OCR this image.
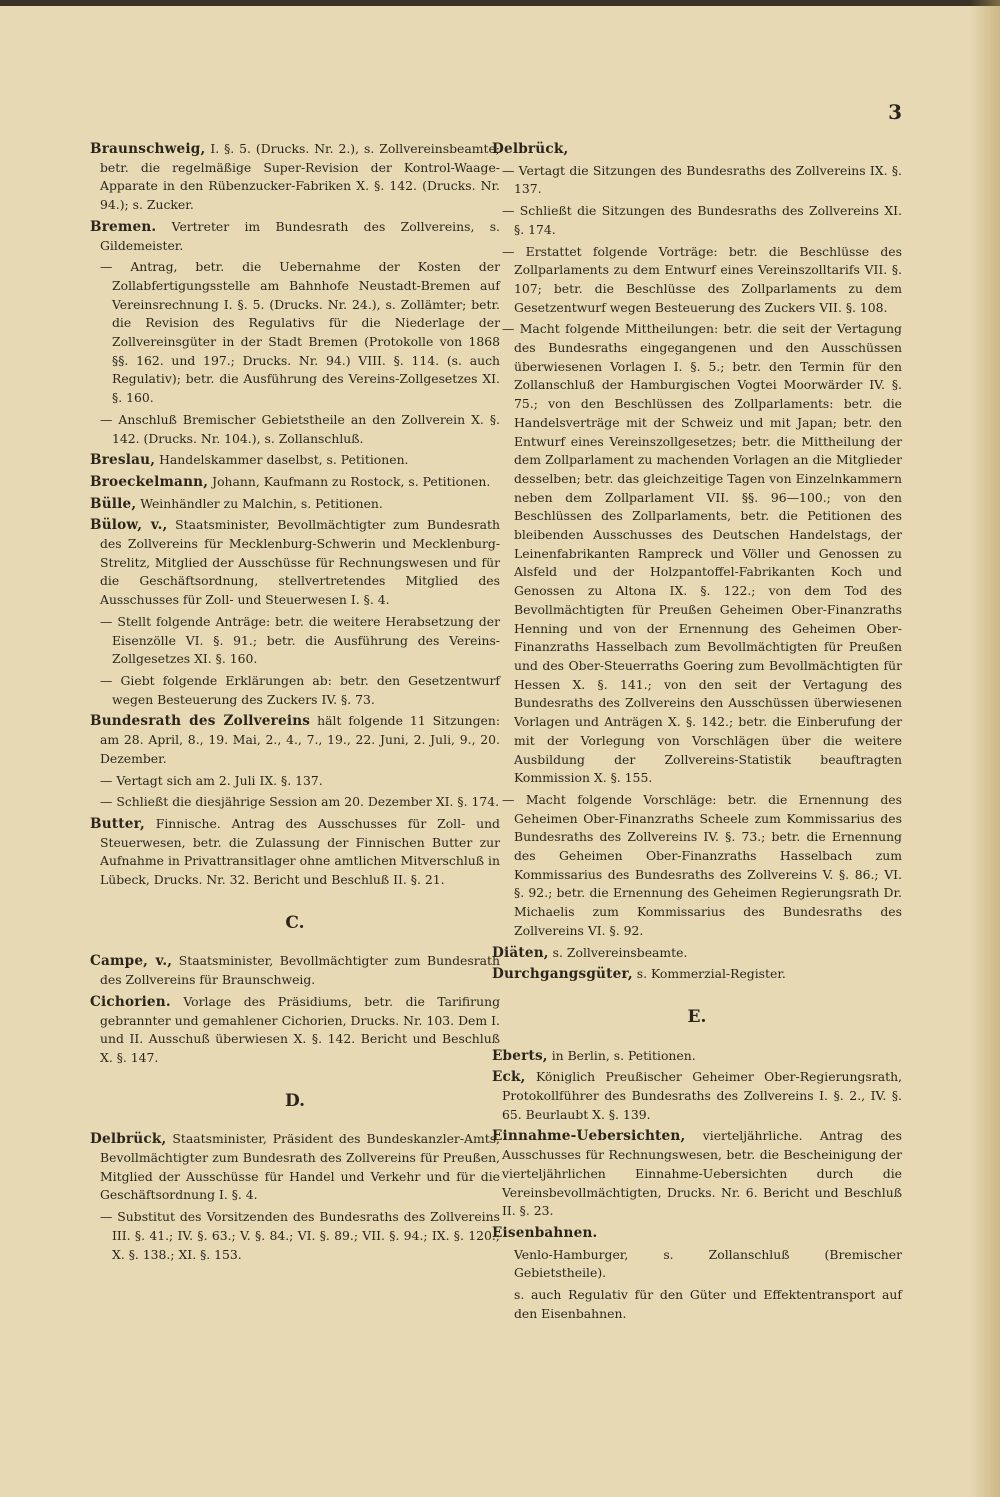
3

Braunschweig, I. §. 5. (Drucks. Nr. 2.), s. Zollvereinsbeamte; betr. die regelmäßige Super-Revision der Kontrol-Waage-Apparate in den Rübenzucker-Fabriken X. §. 142. (Drucks. Nr. 94.); s. Zucker.

Bremen. Vertreter im Bundesrath des Zollvereins, s. Gildemeister.

— Antrag, betr. die Uebernahme der Kosten der Zollabfertigungsstelle am Bahnhofe Neustadt-Bremen auf Vereinsrechnung I. §. 5. (Drucks. Nr. 24.), s. Zollämter; betr. die Revision des Regulativs für die Niederlage der Zollvereinsgüter in der Stadt Bremen (Protokolle von 1868 §§. 162. und 197.; Drucks. Nr. 94.) VIII. §. 114. (s. auch Regulativ); betr. die Ausführung des Vereins-Zollgesetzes XI. §. 160.

— Anschluß Bremischer Gebietstheile an den Zollverein X. §. 142. (Drucks. Nr. 104.), s. Zollanschluß.

Breslau, Handelskammer daselbst, s. Petitionen.

Broeckelmann, Johann, Kaufmann zu Rostock, s. Petitionen.

Bülle, Weinhändler zu Malchin, s. Petitionen.

Bülow, v., Staatsminister, Bevollmächtigter zum Bundesrath des Zollvereins für Mecklenburg-Schwerin und Mecklenburg-Strelitz, Mitglied der Ausschüsse für Rechnungswesen und für die Geschäftsordnung, stellvertretendes Mitglied des Ausschusses für Zoll- und Steuerwesen I. §. 4.

— Stellt folgende Anträge: betr. die weitere Herabsetzung der Eisenzölle VI. §. 91.; betr. die Ausführung des Vereins-Zollgesetzes XI. §. 160.

— Giebt folgende Erklärungen ab: betr. den Gesetzentwurf wegen Besteuerung des Zuckers IV. §. 73.

Bundesrath des Zollvereins hält folgende 11 Sitzungen: am 28. April, 8., 19. Mai, 2., 4., 7., 19., 22. Juni, 2. Juli, 9., 20. Dezember.

— Vertagt sich am 2. Juli IX. §. 137.

— Schließt die diesjährige Session am 20. Dezember XI. §. 174.

Butter, Finnische. Antrag des Ausschusses für Zoll- und Steuerwesen, betr. die Zulassung der Finnischen Butter zur Aufnahme in Privattransitlager ohne amtlichen Mitverschluß in Lübeck, Drucks. Nr. 32. Bericht und Beschluß II. §. 21.

C.

Campe, v., Staatsminister, Bevollmächtigter zum Bundesrath des Zollvereins für Braunschweig.

Cichorien. Vorlage des Präsidiums, betr. die Tarifirung gebrannter und gemahlener Cichorien, Drucks. Nr. 103. Dem I. und II. Ausschuß überwiesen X. §. 142. Bericht und Beschluß X. §. 147.

D.

Delbrück, Staatsminister, Präsident des Bundeskanzler-Amts, Bevollmächtigter zum Bundesrath des Zollvereins für Preußen, Mitglied der Ausschüsse für Handel und Verkehr und für die Geschäftsordnung I. §. 4.

— Substitut des Vorsitzenden des Bundesraths des Zollvereins III. §. 41.; IV. §. 63.; V. §. 84.; VI. §. 89.; VII. §. 94.; IX. §. 120.; X. §. 138.; XI. §. 153.

Delbrück,

— Vertagt die Sitzungen des Bundesraths des Zollvereins IX. §. 137.

— Schließt die Sitzungen des Bundesraths des Zollvereins XI. §. 174.

— Erstattet folgende Vorträge: betr. die Beschlüsse des Zollparlaments zu dem Entwurf eines Vereinszolltarifs VII. §. 107; betr. die Beschlüsse des Zollparlaments zu dem Gesetzentwurf wegen Besteuerung des Zuckers VII. §. 108.

— Macht folgende Mittheilungen: betr. die seit der Vertagung des Bundesraths eingegangenen und den Ausschüssen überwiesenen Vorlagen I. §. 5.; betr. den Termin für den Zollanschluß der Hamburgischen Vogtei Moorwärder IV. §. 75.; von den Beschlüssen des Zollparlaments: betr. die Handelsverträge mit der Schweiz und mit Japan; betr. den Entwurf eines Vereinszollgesetzes; betr. die Mittheilung der dem Zollparlament zu machenden Vorlagen an die Mitglieder desselben; betr. das gleichzeitige Tagen von Einzelnkammern neben dem Zollparlament VII. §§. 96—100.; von den Beschlüssen des Zollparlaments, betr. die Petitionen des bleibenden Ausschusses des Deutschen Handelstags, der Leinenfabrikanten Rampreck und Völler und Genossen zu Alsfeld und der Holzpantoffel-Fabrikanten Koch und Genossen zu Altona IX. §. 122.; von dem Tod des Bevollmächtigten für Preußen Geheimen Ober-Finanzraths Henning und von der Ernennung des Geheimen Ober-Finanzraths Hasselbach zum Bevollmächtigten für Preußen und des Ober-Steuerraths Goering zum Bevollmächtigten für Hessen X. §. 141.; von den seit der Vertagung des Bundesraths des Zollvereins den Ausschüssen überwiesenen Vorlagen und Anträgen X. §. 142.; betr. die Einberufung der mit der Vorlegung von Vorschlägen über die weitere Ausbildung der Zollvereins-Statistik beauftragten Kommission X. §. 155.

— Macht folgende Vorschläge: betr. die Ernennung des Geheimen Ober-Finanzraths Scheele zum Kommissarius des Bundesraths des Zollvereins IV. §. 73.; betr. die Ernennung des Geheimen Ober-Finanzraths Hasselbach zum Kommissarius des Bundesraths des Zollvereins V. §. 86.; VI. §. 92.; betr. die Ernennung des Geheimen Regierungsrath Dr. Michaelis zum Kommissarius des Bundesraths des Zollvereins VI. §. 92.

Diäten, s. Zollvereinsbeamte.

Durchgangsgüter, s. Kommerzial-Register.

E.

Eberts, in Berlin, s. Petitionen.

Eck, Königlich Preußischer Geheimer Ober-Regierungsrath, Protokollführer des Bundesraths des Zollvereins I. §. 2., IV. §. 65. Beurlaubt X. §. 139.

Einnahme-Uebersichten, vierteljährliche. Antrag des Ausschusses für Rechnungswesen, betr. die Bescheinigung der vierteljährlichen Einnahme-Uebersichten durch die Vereinsbevollmächtigten, Drucks. Nr. 6. Bericht und Beschluß II. §. 23.

Eisenbahnen.

Venlo-Hamburger, s. Zollanschluß (Bremischer Gebietstheile).

s. auch Regulativ für den Güter und Effektentransport auf den Eisenbahnen.
